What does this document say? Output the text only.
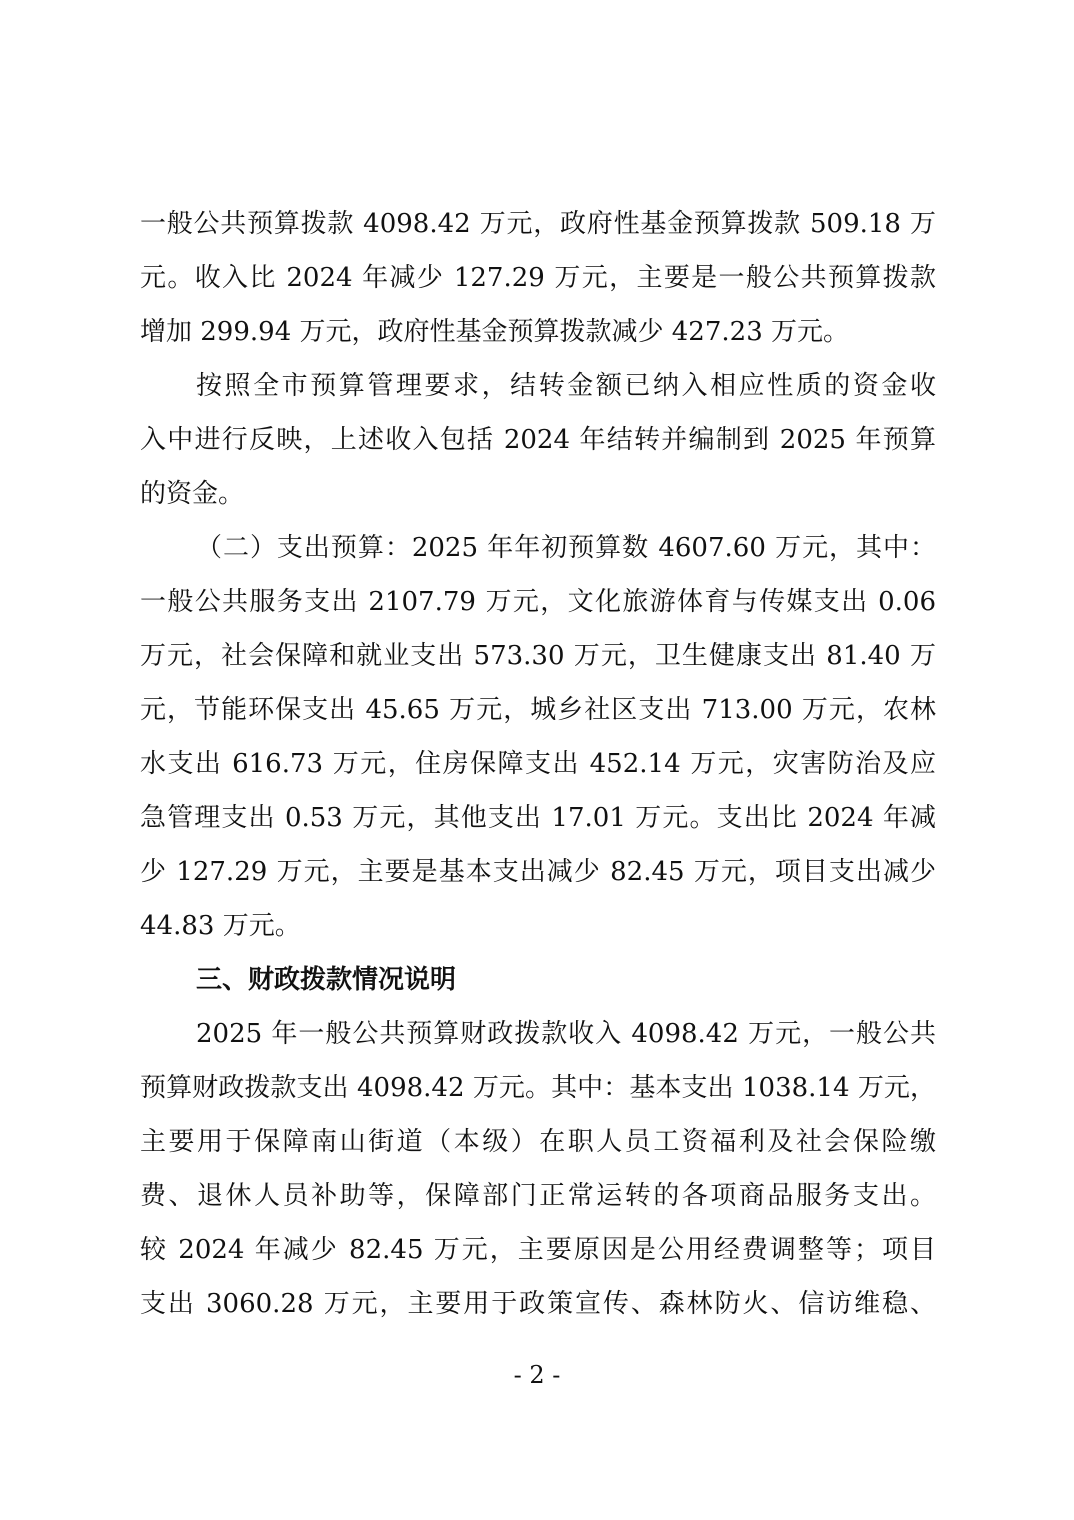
一般公共预算拨款 4098.42 万元，政府性基金预算拨款 509.18 万
元。收入比 2024 年减少 127.29 万元，主要是一般公共预算拨款
增加 299.94 万元，政府性基金预算拨款减少 427.23 万元。
按照全市预算管理要求，结转金额已纳入相应性质的资金收
入中进行反映，上述收入包括 2024 年结转并编制到 2025 年预算
的资金。
（二）支出预算：2025 年年初预算数 4607.60 万元，其中：
一般公共服务支出 2107.79 万元，文化旅游体育与传媒支出 0.06
万元，社会保障和就业支出 573.30 万元，卫生健康支出 81.40 万
元，节能环保支出 45.65 万元，城乡社区支出 713.00 万元，农林
水支出 616.73 万元，住房保障支出 452.14 万元，灾害防治及应
急管理支出 0.53 万元，其他支出 17.01 万元。支出比 2024 年减
少 127.29 万元，主要是基本支出减少 82.45 万元，项目支出减少
44.83 万元。
三、财政拨款情况说明
2025 年一般公共预算财政拨款收入 4098.42 万元，一般公共
预算财政拨款支出 4098.42 万元。其中：基本支出 1038.14 万元，
主要用于保障南山街道（本级）在职人员工资福利及社会保险缴
费、退休人员补助等，保障部门正常运转的各项商品服务支出。
较 2024 年减少 82.45 万元，主要原因是公用经费调整等；项目
支出 3060.28 万元，主要用于政策宣传、森林防火、信访维稳、
- 2 -
